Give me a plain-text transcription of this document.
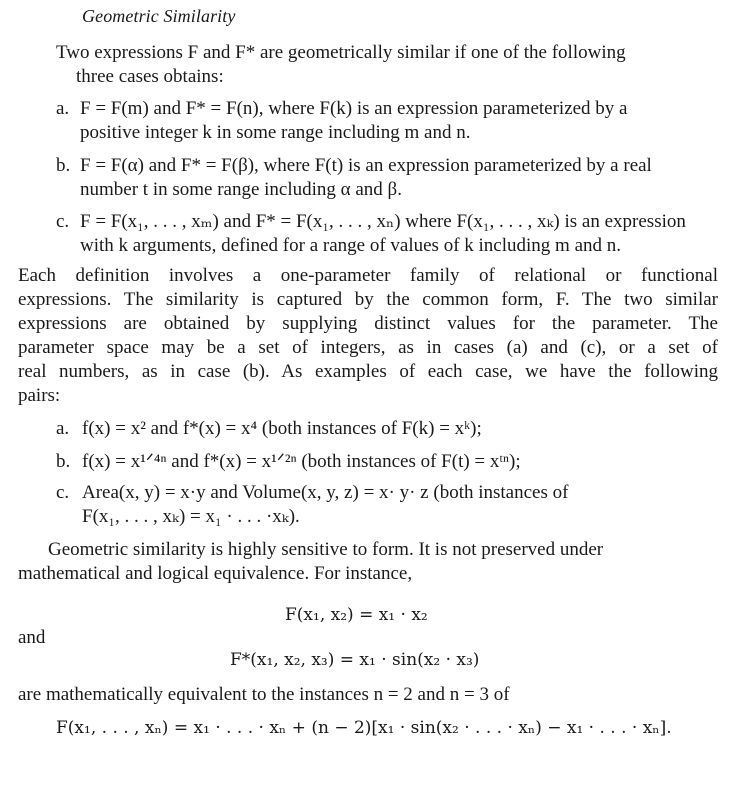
Geometric Similarity
Two expressions F and F* are geometrically similar if one of the following
three cases obtains:
a. F = F(m) and F* = F(n), where F(k) is an expression parameterized by a
positive integer k in some range including m and n.
b. F = F(α) and F* = F(β), where F(t) is an expression parameterized by a real
number t in some range including α and β.
c. F = F(x₁, . . . , xₘ) and F* = F(x₁, . . . , xₙ) where F(x₁, . . . , xₖ) is an expression
with k arguments, defined for a range of values of k including m and n.
Each definition involves a one-parameter family of relational or functional
expressions. The similarity is captured by the common form, F. The two similar
expressions are obtained by supplying distinct values for the parameter. The
parameter space may be a set of integers, as in cases (a) and (c), or a set of
real numbers, as in case (b). As examples of each case, we have the following
pairs:
a. f(x) = x² and f*(x) = x⁴ (both instances of F(k) = xᵏ);
b. f(x) = x¹ᐟ⁴ⁿ and f*(x) = x¹ᐟ²ⁿ (both instances of F(t) = xᵗⁿ);
c. Area(x, y) = x·y and Volume(x, y, z) = x· y· z (both instances of
F(x₁, . . . , xₖ) = x₁ · . . . ·xₖ).
Geometric similarity is highly sensitive to form. It is not preserved under
mathematical and logical equivalence. For instance,
F(x₁, x₂) = x₁ · x₂
and
F*(x₁, x₂, x₃) = x₁ · sin(x₂ · x₃)
are mathematically equivalent to the instances n = 2 and n = 3 of
F(x₁, . . . , xₙ) = x₁ · . . . · xₙ + (n − 2)[x₁ · sin(x₂ · . . . · xₙ) − x₁ · . . . · xₙ].
